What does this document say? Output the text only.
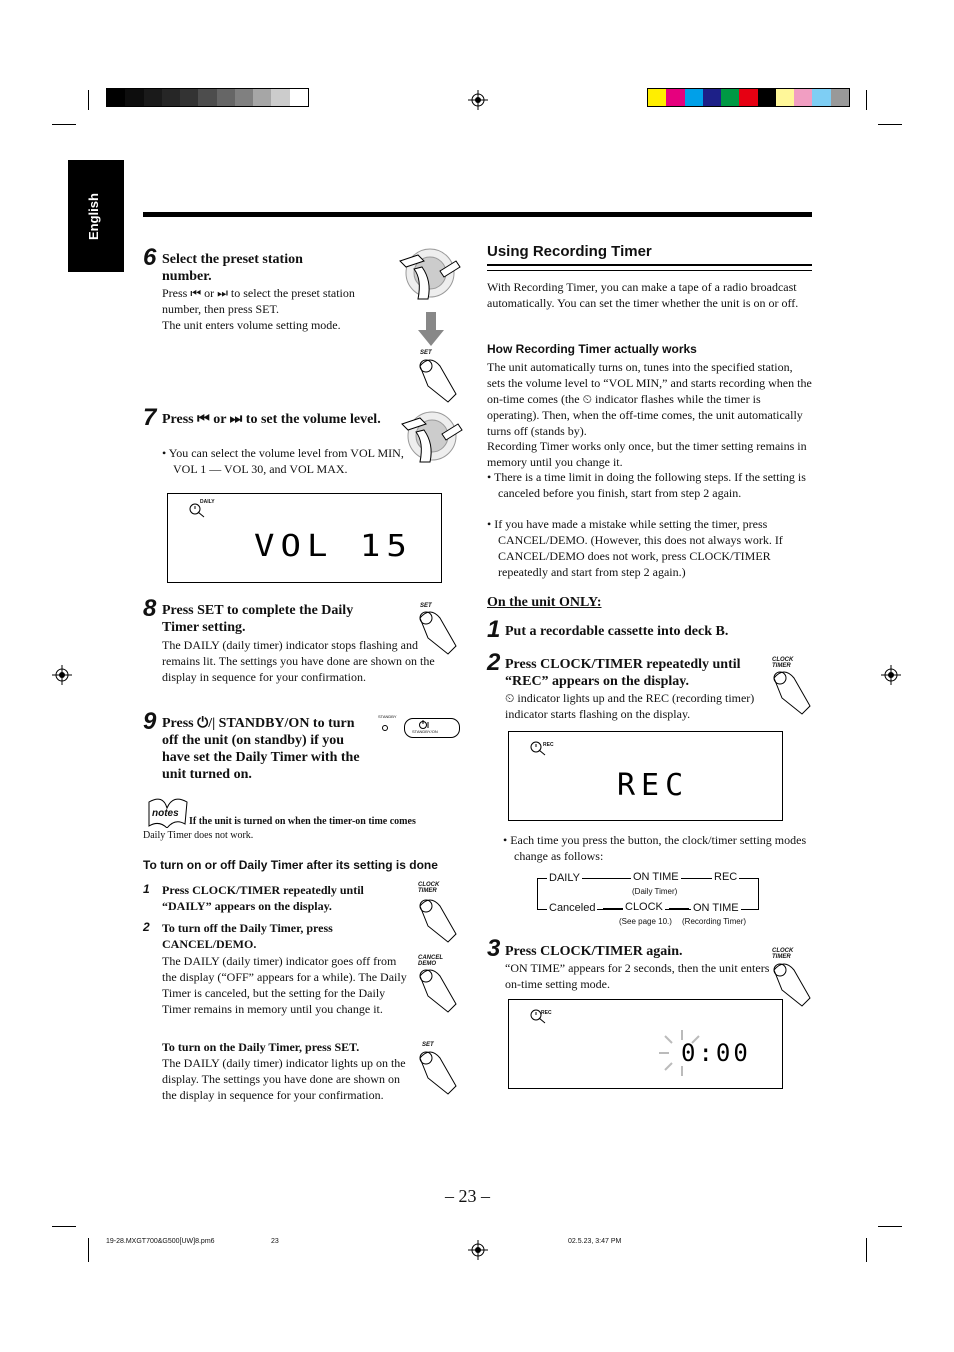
English
6 Select the preset station number.
Press ⏮ or ⏭ to select the preset station number, then press SET.
The unit enters volume setting mode.
SET
7 Press ⏮ or ⏭ to set the volume level.
• You can select the volume level from VOL MIN, VOL 1 — VOL 30, and VOL MAX.
DAILY
VOL 15
8 Press SET to complete the Daily Timer setting.
The DAILY (daily timer) indicator stops flashing and remains lit. The settings you have done are shown on the display in sequence for your confirmation.
SET
9 Press ⏻/| STANDBY/ON to turn off the unit (on standby) if you have set the Daily Timer with the unit turned on.
STANDBY
STANDBY/ON
notes
If the unit is turned on when the timer-on time comes
Daily Timer does not work.
To turn on or off Daily Timer after its setting is done
1 Press CLOCK/TIMER repeatedly until “DAILY” appears on the display.
CLOCK TIMER
2 To turn off the Daily Timer, press CANCEL/DEMO.
The DAILY (daily timer) indicator goes off from the display (“OFF” appears for a while). The Daily Timer is canceled, but the setting for the Daily Timer remains in memory until you change it.
CANCEL DEMO
To turn on the Daily Timer, press SET.
The DAILY (daily timer) indicator lights up on the display. The settings you have done are shown on the display in sequence for your confirmation.
SET
Using Recording Timer
With Recording Timer, you can make a tape of a radio broadcast automatically. You can set the timer whether the unit is on or off.
How Recording Timer actually works
The unit automatically turns on, tunes into the specified station, sets the volume level to “VOL MIN,” and starts recording when the on-time comes (the ⏲ indicator flashes while the timer is operating). Then, when the off-time comes, the unit automatically turns off (stands by).
Recording Timer works only once, but the timer setting remains in memory until you change it.
• There is a time limit in doing the following steps. If the setting is canceled before you finish, start from step 2 again.
• If you have made a mistake while setting the timer, press CANCEL/DEMO. (However, this does not always work. If CANCEL/DEMO does not work, press CLOCK/TIMER repeatedly and start from step 2 again.)
On the unit ONLY:
1 Put a recordable cassette into deck B.
2 Press CLOCK/TIMER repeatedly until “REC” appears on the display.
⏲ indicator lights up and the REC (recording timer) indicator starts flashing on the display.
CLOCK TIMER
REC
REC
• Each time you press the button, the clock/timer setting modes change as follows:
DAILY	ON TIME
(Daily Timer)
REC
Canceled	CLOCK
(See page 10.)
ON TIME
(Recording Timer)
3 Press CLOCK/TIMER again.
“ON TIME” appears for 2 seconds, then the unit enters on-time setting mode.
CLOCK TIMER
REC
0:00
– 23 –
19-28.MXGT700&G500[UW]8.pm6	23	02.5.23, 3:47 PM
